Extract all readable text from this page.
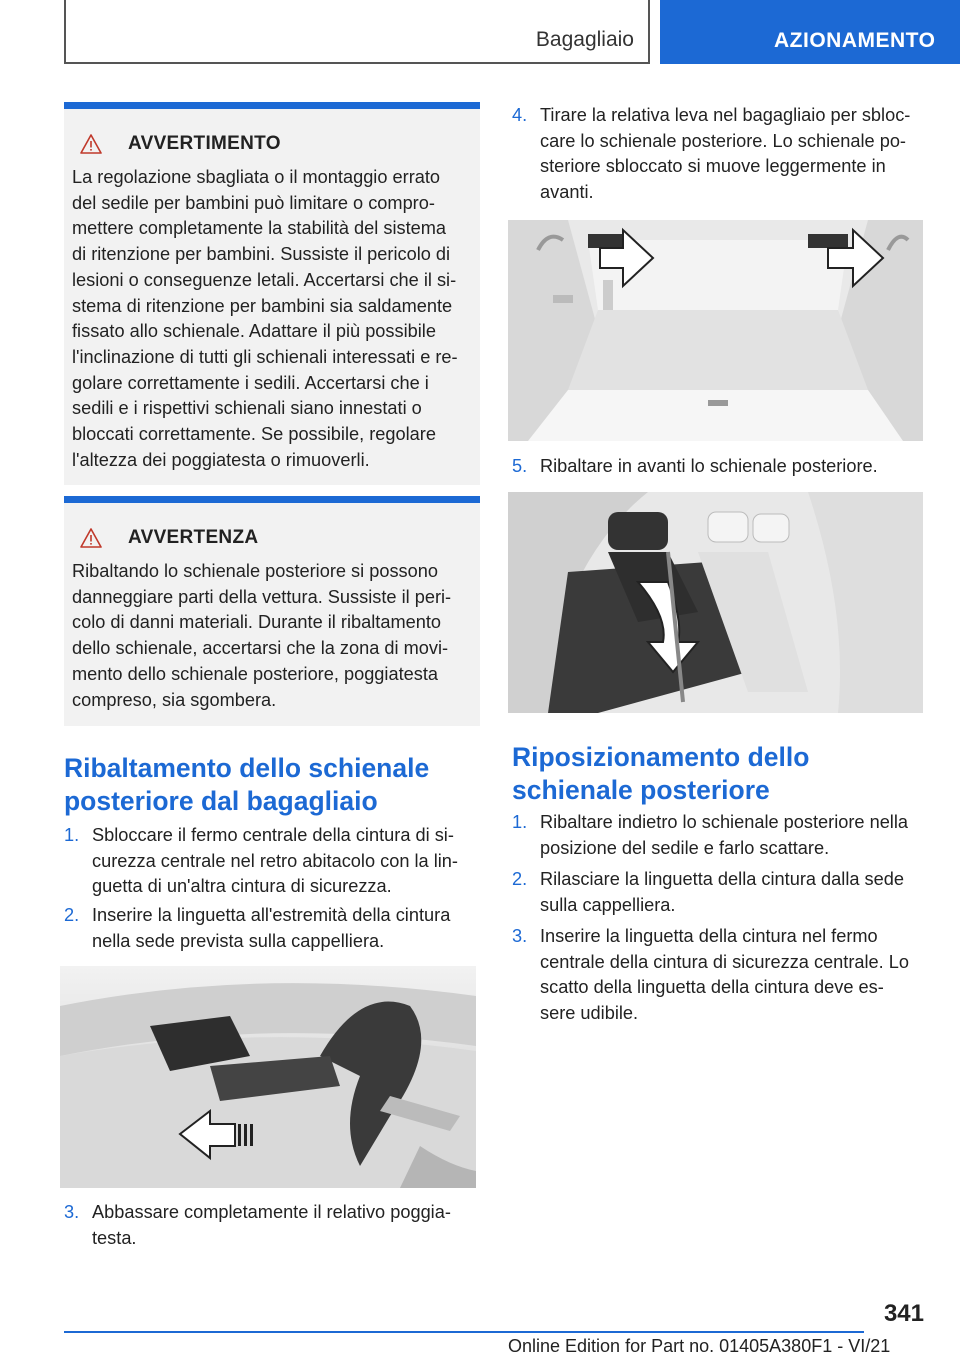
Bagagliaio	AZIONAMENTO
AVVERTIMENTO

La regolazione sbagliata o il montaggio errato

del sedile per bambini può limitare o compro-

mettere completamente la stabilità del sistema

di ritenzione per bambini. Sussiste il pericolo di

lesioni o conseguenze letali. Accertarsi che il si-

stema di ritenzione per bambini sia saldamente

fissato allo schienale. Adattare il più possibile

l'inclinazione di tutti gli schienali interessati e re-

golare correttamente i sedili. Accertarsi che i

sedili e i rispettivi schienali siano innestati o

bloccati correttamente. Se possibile, regolare

l'altezza dei poggiatesta o rimuoverli.

AVVERTENZA

Ribaltando lo schienale posteriore si possono

danneggiare parti della vettura. Sussiste il peri-

colo di danni materiali. Durante il ribaltamento

dello schienale, accertarsi che la zona di movi-

mento dello schienale posteriore, poggiatesta

compreso, sia sgombera.

Ribaltamento dello schienale

posteriore dal bagagliaio

1. Sbloccare il fermo centrale della cintura di si-

curezza centrale nel retro abitacolo con la lin-

guetta di un'altra cintura di sicurezza.

2. Inserire la linguetta all'estremità della cintura

nella sede prevista sulla cappelliera.

3. Abbassare completamente il relativo poggia-

testa.

4. Tirare la relativa leva nel bagagliaio per sbloc-

care lo schienale posteriore. Lo schienale po-

steriore sbloccato si muove leggermente in

avanti.

5. Ribaltare in avanti lo schienale posteriore.

Riposizionamento dello

schienale posteriore

1. Ribaltare indietro lo schienale posteriore nella

posizione del sedile e farlo scattare.

2. Rilasciare la linguetta della cintura dalla sede

sulla cappelliera.

3. Inserire la linguetta della cintura nel fermo

centrale della cintura di sicurezza centrale. Lo

scatto della linguetta della cintura deve es-

sere udibile.

341
Online Edition for Part no. 01405A380F1 - VI/21
